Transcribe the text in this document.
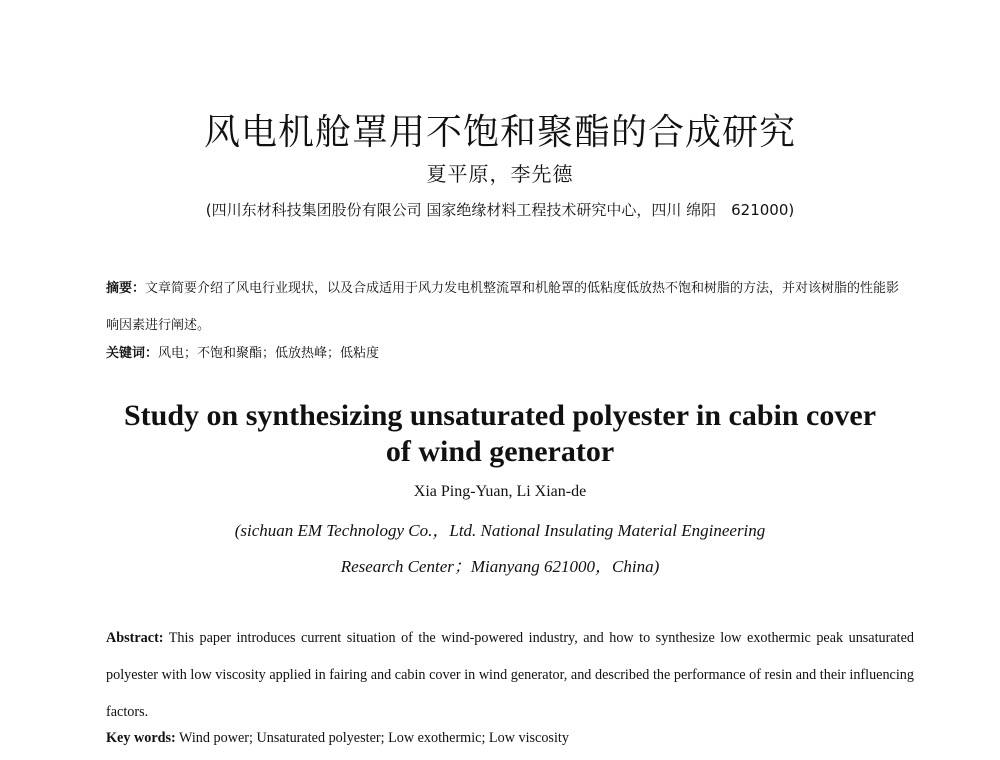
风电机舱罩用不饱和聚酯的合成研究
夏平原，李先德
(四川东材科技集团股份有限公司 国家绝缘材料工程技术研究中心，四川 绵阳　621000)
摘要：文章简要介绍了风电行业现状，以及合成适用于风力发电机整流罩和机舱罩的低粘度低放热不饱和树脂的方法，并对该树脂的性能影响因素进行阐述。
关键词：风电；不饱和聚酯；低放热峰；低粘度
Study on synthesizing unsaturated polyester in cabin cover
of wind generator
Xia Ping-Yuan, Li Xian-de
(sichuan EM Technology Co.，Ltd. National Insulating Material Engineering
Research Center；Mianyang 621000，China)
Abstract: This paper introduces current situation of the wind-powered industry, and how to synthesize low exothermic peak unsaturated polyester with low viscosity applied in fairing and cabin cover in wind generator, and described the performance of resin and their influencing factors.
Key words: Wind power; Unsaturated polyester; Low exothermic; Low viscosity
